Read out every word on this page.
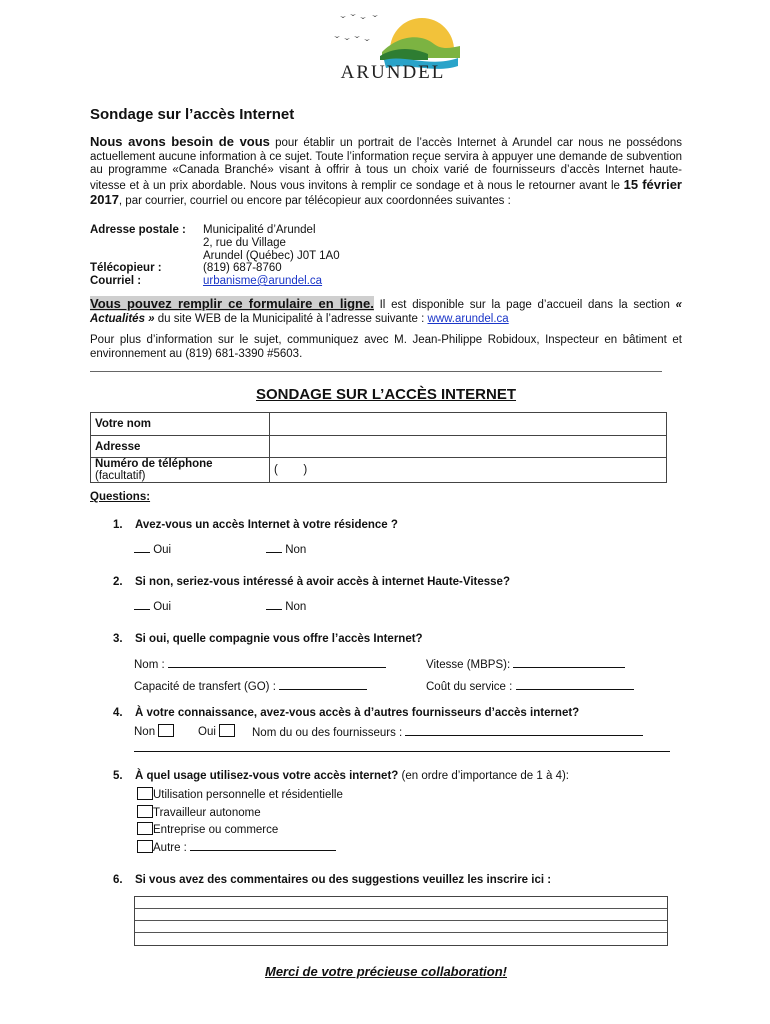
ARUNDEL
Sondage sur l’accès Internet
Nous avons besoin de vous pour établir un portrait de l’accès Internet à Arundel car nous ne possédons actuellement aucune information à ce sujet. Toute l’information reçue servira à appuyer une demande de subvention au programme «Canada Branché» visant à offrir à tous un choix varié de fournisseurs d’accès Internet haute-vitesse et à un prix abordable. Nous vous invitons à remplir ce sondage et à nous le retourner avant le 15 février 2017, par courrier, courriel ou encore par télécopieur aux coordonnées suivantes :
Adresse postale : Municipalité d’Arundel
2, rue du Village
Arundel (Québec) J0T 1A0
Télécopieur :	(819) 687-8760
Courriel :	urbanisme@arundel.ca
Vous pouvez remplir ce formulaire en ligne. Il est disponible sur la page d’accueil dans la section « Actualités » du site WEB de la Municipalité à l’adresse suivante : www.arundel.ca
Pour plus d’information sur le sujet, communiquez avec M. Jean-Philippe Robidoux, Inspecteur en bâtiment et environnement au (819) 681-3390 #5603.
SONDAGE SUR L’ACCÈS INTERNET
Votre nom	
Adresse	
Numéro de téléphone (facultatif)	(        )
Questions:
1. Avez-vous un accès Internet à votre résidence ?
Oui	Non
2. Si non, seriez-vous intéressé à avoir accès à internet Haute-Vitesse?
Oui	Non
3. Si oui, quelle compagnie vous offre l’accès Internet?
Nom :	Vitesse (MBPS):
Capacité de transfert (GO) :	Coût du service :
4. À votre connaissance, avez-vous accès à d’autres fournisseurs d’accès internet?
Non	Oui	Nom du ou des fournisseurs :
5. À quel usage utilisez-vous votre accès internet? (en ordre d’importance de 1 à 4):
Utilisation personnelle et résidentielle
Travailleur autonome
Entreprise ou commerce
Autre :
6. Si vous avez des commentaires ou des suggestions veuillez les inscrire ici :
Merci de votre précieuse collaboration!
